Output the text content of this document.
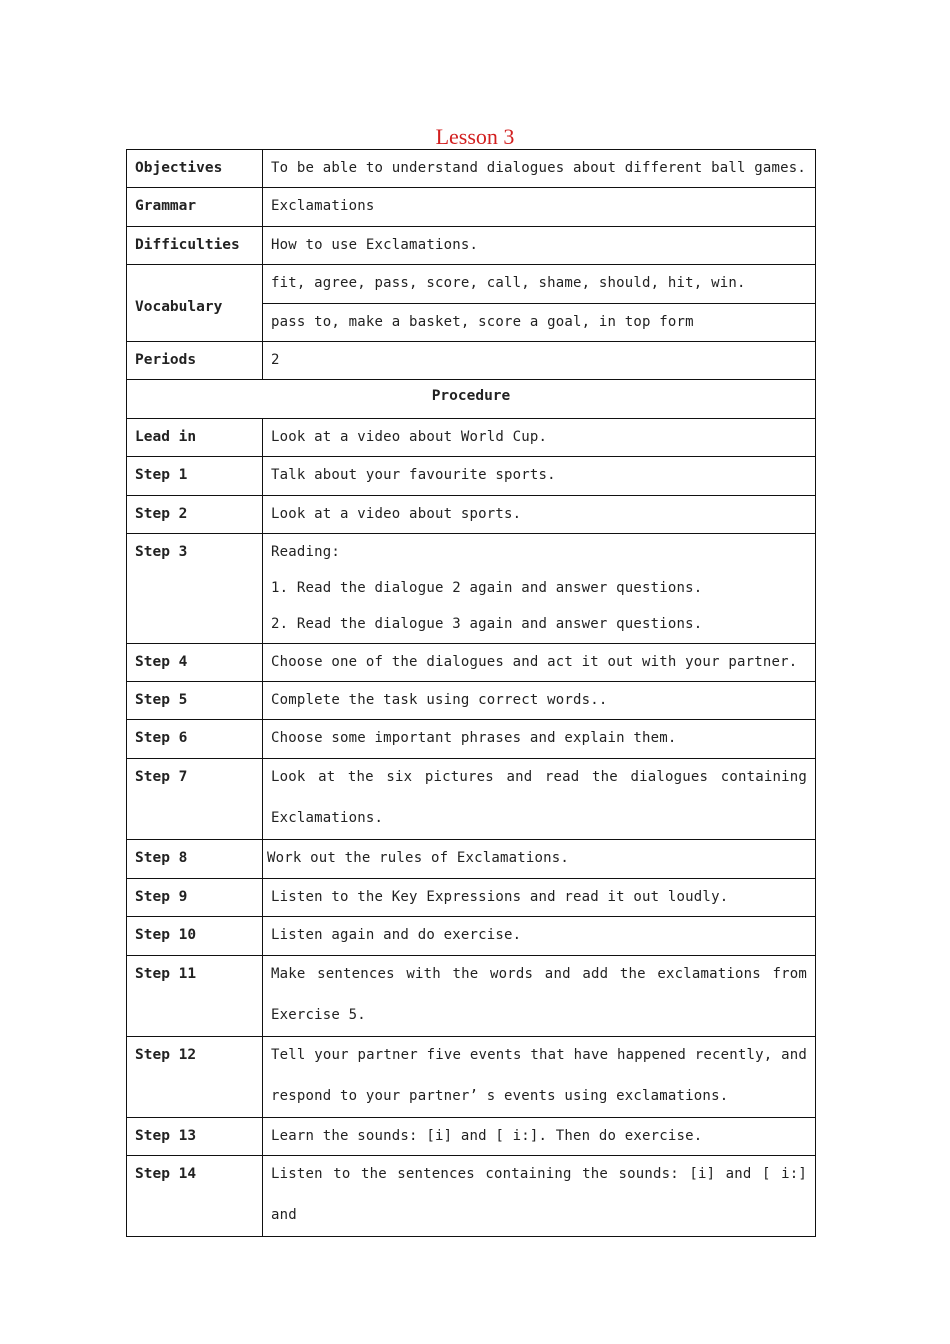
Lesson 3
Objectives	To be able to understand dialogues about different ball games.
Grammar	Exclamations
Difficulties	How to use Exclamations.
Vocabulary	fit, agree, pass, score, call, shame, should, hit, win.
	pass to, make a basket, score a goal, in top form
Periods	2
Procedure	
Lead in	Look at a video about World Cup.
Step 1	Talk about your favourite sports.
Step 2	Look at a video about sports.
Step 3	Reading:
1. Read the dialogue 2 again and answer questions.
2. Read the dialogue 3 again and answer questions.

Step 4	Choose one of the dialogues and act it out with your partner.
Step 5	Complete the task using correct words..
Step 6	Choose some important phrases and explain them.
Step 7	Look at the six pictures and read the dialogues containing Exclamations.

Step 8	Work out the rules of Exclamations.
Step 9	Listen to the Key Expressions and read it out loudly.
Step 10	Listen again and do exercise.
Step 11	Make sentences with the words and add the exclamations from Exercise 5.

Step 12	Tell your partner five events that have happened recently, and respond to your partner’ s events using exclamations.

Step 13	Learn the sounds: [i] and [ i:]. Then do exercise.
Step 14	Listen to the sentences containing the sounds: [i] and [ i:] and
